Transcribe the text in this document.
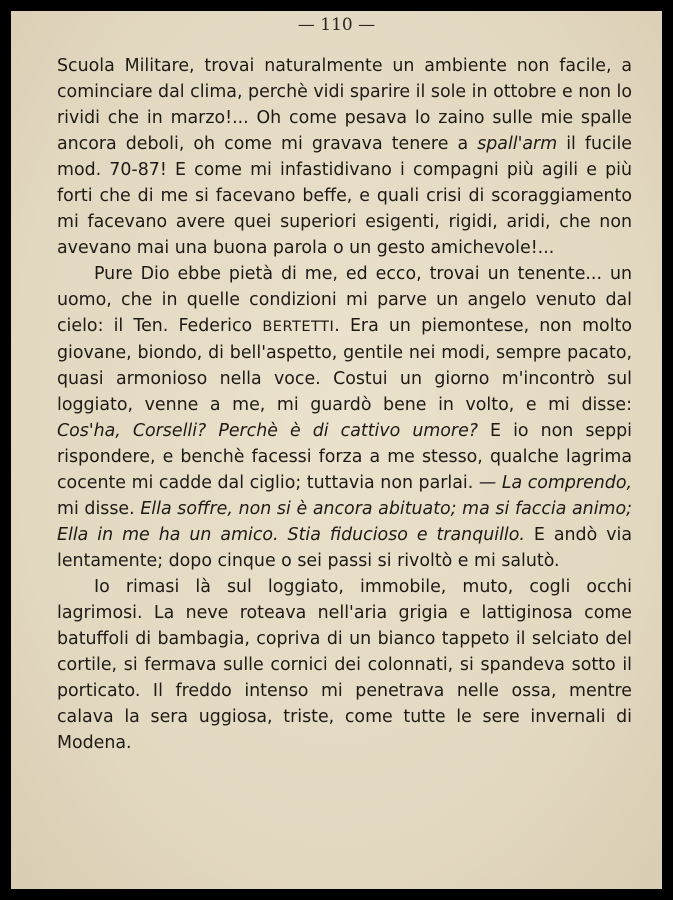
— 110 —

Scuola Militare, trovai naturalmente un ambiente non facile, a cominciare dal clima, perchè vidi sparire il sole in ottobre e non lo rividi che in marzo!... Oh come pesava lo zaino sulle mie spalle ancora deboli, oh come mi gravava tenere a spall'arm il fucile mod. 70-87! E come mi infastidivano i compagni più agili e più forti che di me si facevano beffe, e quali crisi di scoraggiamento mi facevano avere quei superiori esigenti, rigidi, aridi, che non avevano mai una buona parola o un gesto amichevole!...

Pure Dio ebbe pietà di me, ed ecco, trovai un tenente... un uomo, che in quelle condizioni mi parve un angelo venuto dal cielo: il Ten. Federico BERTETTI. Era un piemontese, non molto giovane, biondo, di bell'aspetto, gentile nei modi, sempre pacato, quasi armonioso nella voce. Costui un giorno m'incontrò sul loggiato, venne a me, mi guardò bene in volto, e mi disse: Cos'ha, Corselli? Perchè è di cattivo umore? E io non seppi rispondere, e benchè facessi forza a me stesso, qualche lagrima cocente mi cadde dal ciglio; tuttavia non parlai. — La comprendo, mi disse. Ella soffre, non si è ancora abituato; ma si faccia animo; Ella in me ha un amico. Stia fiducioso e tranquillo. E andò via lentamente; dopo cinque o sei passi si rivoltò e mi salutò.

Io rimasi là sul loggiato, immobile, muto, cogli occhi lagrimosi. La neve roteava nell'aria grigia e lattiginosa come batuffoli di bambagia, copriva di un bianco tappeto il selciato del cortile, si fermava sulle cornici dei colonnati, si spandeva sotto il porticato. Il freddo intenso mi penetrava nelle ossa, mentre calava la sera uggiosa, triste, come tutte le sere invernali di Modena.
